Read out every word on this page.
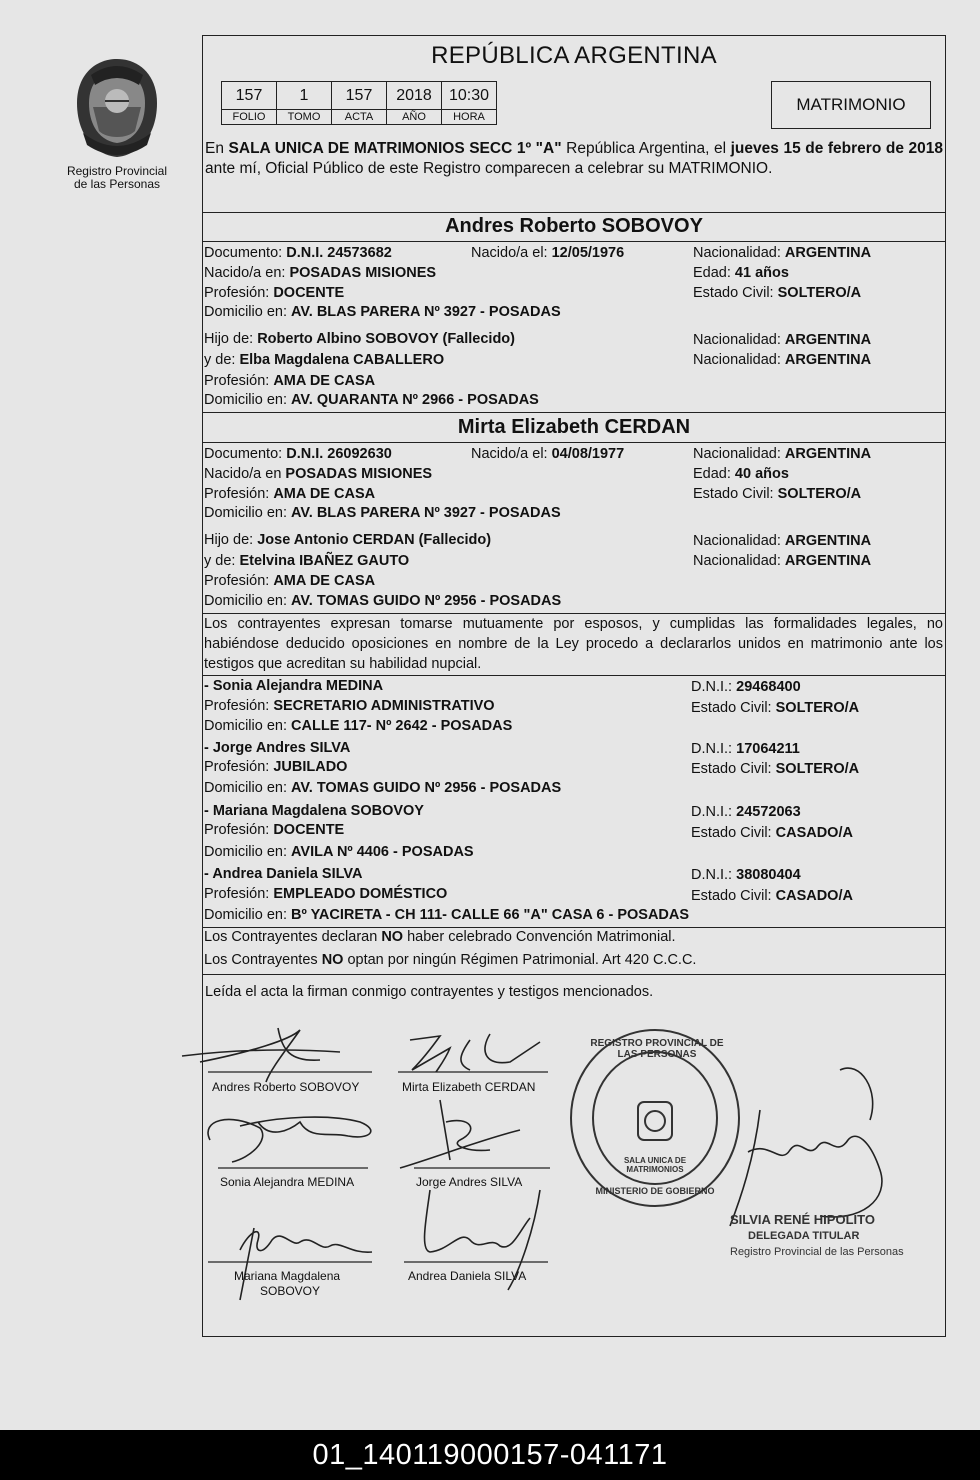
Registro Provincial
de las Personas
REPÚBLICA ARGENTINA
157	1	157	2018	10:30
FOLIO	TOMO	ACTA	AÑO	HORA
MATRIMONIO
En SALA UNICA DE MATRIMONIOS SECC 1º "A" República Argentina, el jueves 15 de febrero de 2018 ante mí, Oficial Público de este Registro comparecen a celebrar su MATRIMONIO.
Andres Roberto SOBOVOY
Documento: D.N.I. 24573682	Nacido/a el: 12/05/1976	Nacionalidad: ARGENTINA
Nacido/a en: POSADAS MISIONES	Edad: 41 años
Profesión: DOCENTE	Estado Civil: SOLTERO/A
Domicilio en: AV. BLAS PARERA Nº 3927 - POSADAS
Hijo de: Roberto Albino SOBOVOY (Fallecido)	Nacionalidad: ARGENTINA
y de: Elba Magdalena CABALLERO	Nacionalidad: ARGENTINA
Profesión: AMA DE CASA
Domicilio en: AV. QUARANTA Nº 2966 - POSADAS
Mirta Elizabeth CERDAN
Documento: D.N.I. 26092630	Nacido/a el: 04/08/1977	Nacionalidad: ARGENTINA
Nacido/a en POSADAS MISIONES	Edad: 40 años
Profesión: AMA DE CASA	Estado Civil: SOLTERO/A
Domicilio en: AV. BLAS PARERA Nº 3927 - POSADAS
Hijo de: Jose Antonio CERDAN (Fallecido)	Nacionalidad: ARGENTINA
y de: Etelvina IBAÑEZ GAUTO	Nacionalidad: ARGENTINA
Profesión: AMA DE CASA
Domicilio en: AV. TOMAS GUIDO Nº 2956 - POSADAS
Los contrayentes expresan tomarse mutuamente por esposos, y cumplidas las formalidades legales, no habiéndose deducido oposiciones en nombre de la Ley procedo a declararlos unidos en matrimonio ante los testigos que acreditan su habilidad nupcial.
- Sonia Alejandra MEDINA	D.N.I.: 29468400
Profesión: SECRETARIO ADMINISTRATIVO	Estado Civil: SOLTERO/A
Domicilio en: CALLE 117- Nº 2642 - POSADAS
- Jorge Andres SILVA	D.N.I.: 17064211
Profesión: JUBILADO	Estado Civil: SOLTERO/A
Domicilio en: AV. TOMAS GUIDO Nº 2956 - POSADAS
- Mariana Magdalena SOBOVOY	D.N.I.: 24572063
Profesión: DOCENTE	Estado Civil: CASADO/A
Domicilio en: AVILA Nº 4406 - POSADAS
- Andrea Daniela SILVA	D.N.I.: 38080404
Profesión: EMPLEADO DOMÉSTICO	Estado Civil: CASADO/A
Domicilio en: Bº YACIRETA - CH 111- CALLE 66 "A" CASA 6 - POSADAS
Los Contrayentes declaran NO haber celebrado Convención Matrimonial.
Los Contrayentes NO optan por ningún Régimen Patrimonial. Art 420 C.C.C.
Leída el acta la firman conmigo contrayentes y testigos mencionados.
Andres Roberto SOBOVOY	Mirta Elizabeth CERDAN
Sonia Alejandra MEDINA	Jorge Andres SILVA
Mariana Magdalena
SOBOVOY
Andrea Daniela SILVA
REGISTRO PROVINCIAL DE LAS PERSONAS
SALA UNICA DE MATRIMONIOS
MINISTERIO DE GOBIERNO
SILVIA RENÉ HIPOLITO
DELEGADA TITULAR
Registro Provincial de las Personas
01_140119000157-041171
